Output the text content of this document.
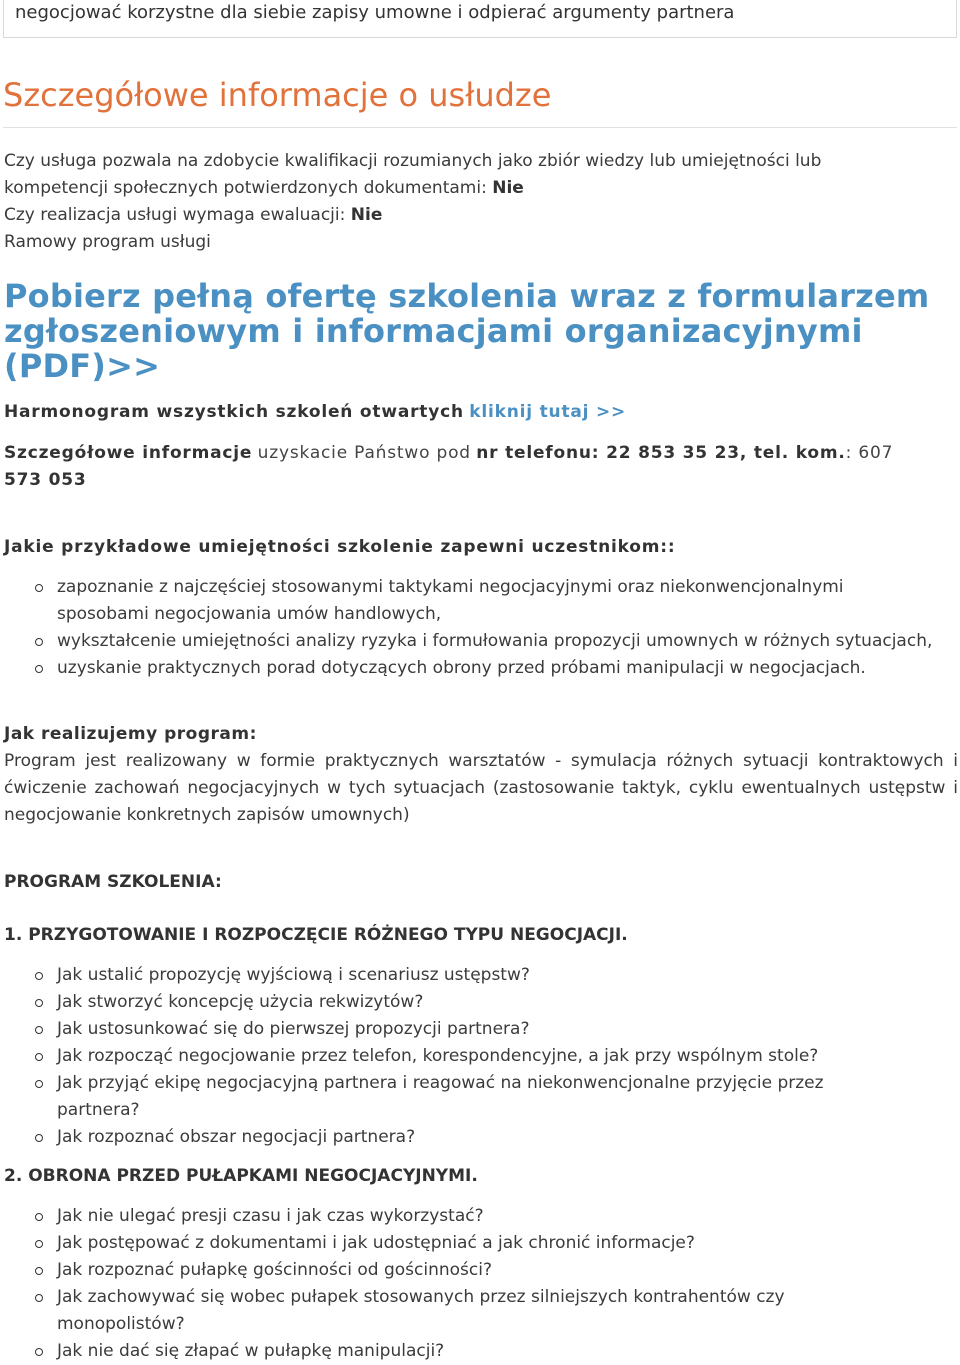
negocjować korzystne dla siebie zapisy umowne i odpierać argumenty partnera
Szczegółowe informacje o usłudze

Czy usługa pozwala na zdobycie kwalifikacji rozumianych jako zbiór wiedzy lub umiejętności lub

kompetencji społecznych potwierdzonych dokumentami: Nie

Czy realizacja usługi wymaga ewaluacji: Nie

Ramowy program usługi

Pobierz pełną ofertę szkolenia wraz z formularzem zgłoszeniowym i informacjami organizacyjnymi (PDF)>>

Harmonogram wszystkich szkoleń otwartych kliknij tutaj >>

Szczegółowe informacje uzyskacie Państwo pod nr telefonu: 22 853 35 23, tel. kom.: 607

573 053

Jakie przykładowe umiejętności szkolenie zapewni uczestnikom::

zapoznanie z najczęściej stosowanymi taktykami negocjacyjnymi oraz niekonwencjonalnymi sposobami negocjowania umów handlowych,
wykształcenie umiejętności analizy ryzyka i formułowania propozycji umownych w różnych sytuacjach,
uzyskanie praktycznych porad dotyczących obrony przed próbami manipulacji w negocjacjach.

Jak realizujemy program:

Program jest realizowany w formie praktycznych warsztatów - symulacja różnych sytuacji kontraktowych i ćwiczenie zachowań negocjacyjnych w tych sytuacjach (zastosowanie taktyk, cyklu ewentualnych ustępstw i negocjowanie konkretnych zapisów umownych)

PROGRAM SZKOLENIA:

1. PRZYGOTOWANIE I ROZPOCZĘCIE RÓŻNEGO TYPU NEGOCJACJI.

Jak ustalić propozycję wyjściową i scenariusz ustępstw?
Jak stworzyć koncepcję użycia rekwizytów?
Jak ustosunkować się do pierwszej propozycji partnera?
Jak rozpocząć negocjowanie przez telefon, korespondencyjne, a jak przy wspólnym stole?
Jak przyjąć ekipę negocjacyjną partnera i reagować na niekonwencjonalne przyjęcie przez partnera?
Jak rozpoznać obszar negocjacji partnera?

2. OBRONA PRZED PUŁAPKAMI NEGOCJACYJNYMI.

Jak nie ulegać presji czasu i jak czas wykorzystać?
Jak postępować z dokumentami i jak udostępniać a jak chronić informacje?
Jak rozpoznać pułapkę gościnności od gościnności?
Jak zachowywać się wobec pułapek stosowanych przez silniejszych kontrahentów czy monopolistów?
Jak nie dać się złapać w pułapkę manipulacji?
